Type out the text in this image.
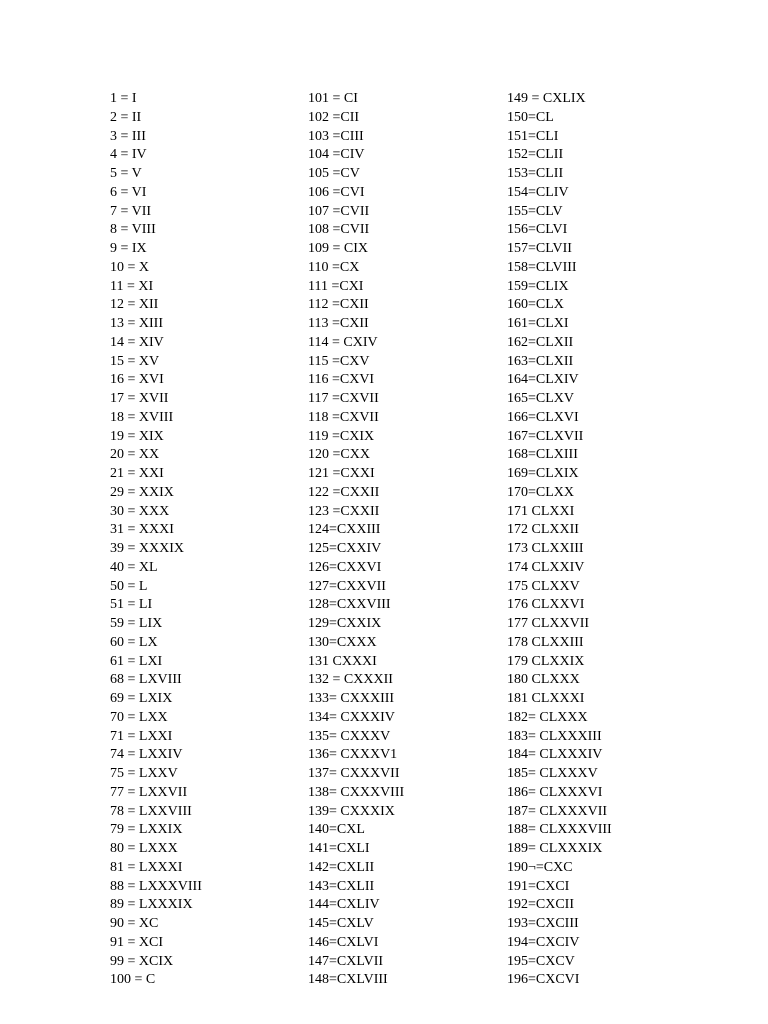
1 = I
2 = II
3 = III
4 = IV
5 = V
6 = VI
7 = VII
8 = VIII
9 = IX
10 = X
11 = XI
12 = XII
13 = XIII
14 = XIV
15 = XV
16 = XVI
17 = XVII
18 = XVIII
19 = XIX
20 = XX
21 = XXI
29 = XXIX
30 = XXX
31 = XXXI
39 = XXXIX
40 = XL
50 = L
51 = LI
59 = LIX
60 = LX
61 = LXI
68 = LXVIII
69 = LXIX
70 = LXX
71 = LXXI
74 = LXXIV
75 = LXXV
77 = LXXVII
78 = LXXVIII
79 = LXXIX
80 = LXXX
81 = LXXXI
88 = LXXXVIII
89 = LXXXIX
90 = XC
91 = XCI
99 = XCIX
100 = C
101 = CI
102 =CII
103 =CIII
104 =CIV
105 =CV
106 =CVI
107 =CVII
108 =CVII
109 = CIX
110 =CX
111 =CXI
112 =CXII
113 =CXII
114 = CXIV
115 =CXV
116 =CXVI
117 =CXVII
118 =CXVII
119 =CXIX
120 =CXX
121 =CXXI
122 =CXXII
123 =CXXII
124=CXXIII
125=CXXIV
126=CXXVI
127=CXXVII
128=CXXVIII
129=CXXIX
130=CXXX
131 CXXXI
132 = CXXXII
133= CXXXIII
134= CXXXIV
135= CXXXV
136= CXXXV1
137= CXXXVII
138= CXXXVIII
139= CXXXIX
140=CXL
141=CXLI
142=CXLII
143=CXLII
144=CXLIV
145=CXLV
146=CXLVI
147=CXLVII
148=CXLVIII
149 = CXLIX
150=CL
151=CLI
152=CLII
153=CLII
154=CLIV
155=CLV
156=CLVI
157=CLVII
158=CLVIII
159=CLIX
160=CLX
161=CLXI
162=CLXII
163=CLXII
164=CLXIV
165=CLXV
166=CLXVI
167=CLXVII
168=CLXIII
169=CLXIX
170=CLXX
171 CLXXI
172 CLXXII
173 CLXXIII
174 CLXXIV
175 CLXXV
176 CLXXVI
177 CLXXVII
178 CLXXIII
179 CLXXIX
180 CLXXX
181 CLXXXI
182= CLXXX
183= CLXXXIII
184= CLXXXIV
185= CLXXXV
186= CLXXXVI
187= CLXXXVII
188= CLXXXVIII
189= CLXXXIX
190¬=CXC
191=CXCI
192=CXCII
193=CXCIII
194=CXCIV
195=CXCV
196=CXCVI
